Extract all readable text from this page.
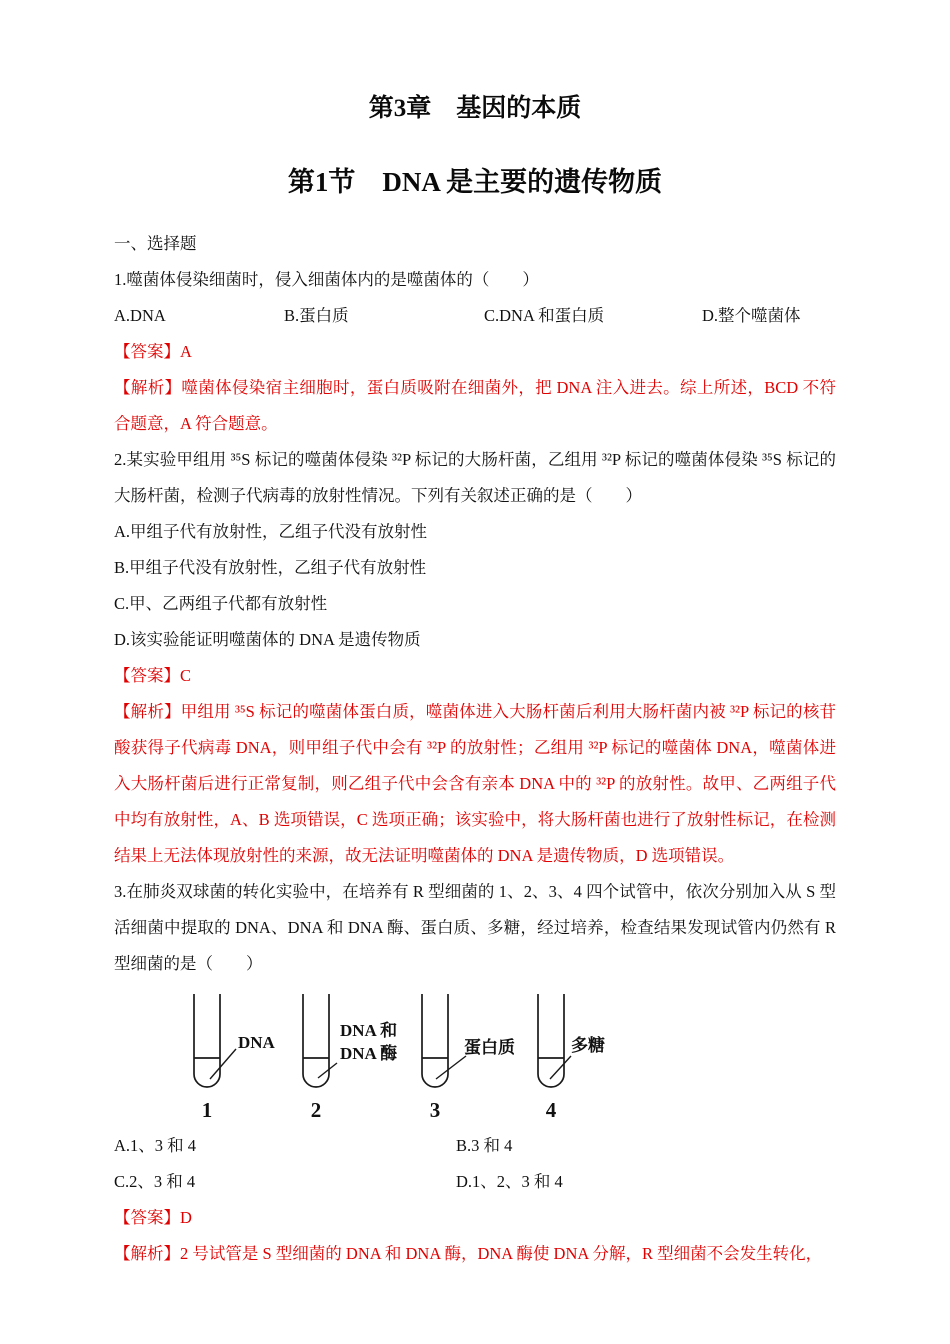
第3章　基因的本质
第1节　DNA 是主要的遗传物质

一、选择题

1.噬菌体侵染细菌时，侵入细菌体内的是噬菌体的（　　）

A.DNA	B.蛋白质	C.DNA 和蛋白质	D.整个噬菌体

【答案】A

【解析】噬菌体侵染宿主细胞时，蛋白质吸附在细菌外，把 DNA 注入进去。综上所述，BCD 不符合题意，A 符合题意。

2.某实验甲组用 ³⁵S 标记的噬菌体侵染 ³²P 标记的大肠杆菌，乙组用 ³²P 标记的噬菌体侵染 ³⁵S 标记的大肠杆菌，检测子代病毒的放射性情况。下列有关叙述正确的是（　　）

A.甲组子代有放射性，乙组子代没有放射性

B.甲组子代没有放射性，乙组子代有放射性

C.甲、乙两组子代都有放射性

D.该实验能证明噬菌体的 DNA 是遗传物质

【答案】C

【解析】甲组用 ³⁵S 标记的噬菌体蛋白质，噬菌体进入大肠杆菌后利用大肠杆菌内被 ³²P 标记的核苷酸获得子代病毒 DNA，则甲组子代中会有 ³²P 的放射性；乙组用 ³²P 标记的噬菌体 DNA，噬菌体进入大肠杆菌后进行正常复制，则乙组子代中会含有亲本 DNA 中的 ³²P 的放射性。故甲、乙两组子代中均有放射性，A、B 选项错误，C 选项正确；该实验中，将大肠杆菌也进行了放射性标记，在检测结果上无法体现放射性的来源，故无法证明噬菌体的 DNA 是遗传物质，D 选项错误。

3.在肺炎双球菌的转化实验中，在培养有 R 型细菌的 1、2、3、4 四个试管中，依次分别加入从 S 型活细菌中提取的 DNA、DNA 和 DNA 酶、蛋白质、多糖，经过培养，检查结果发现试管内仍然有 R 型细菌的是（　　）

DNA
1
DNA 和
DNA 酶
2
蛋白质
3
多糖
4
A.1、3 和 4	B.3 和 4
C.2、3 和 4	D.1、2、3 和 4

【答案】D

【解析】2 号试管是 S 型细菌的 DNA 和 DNA 酶，DNA 酶使 DNA 分解，R 型细菌不会发生转化，
